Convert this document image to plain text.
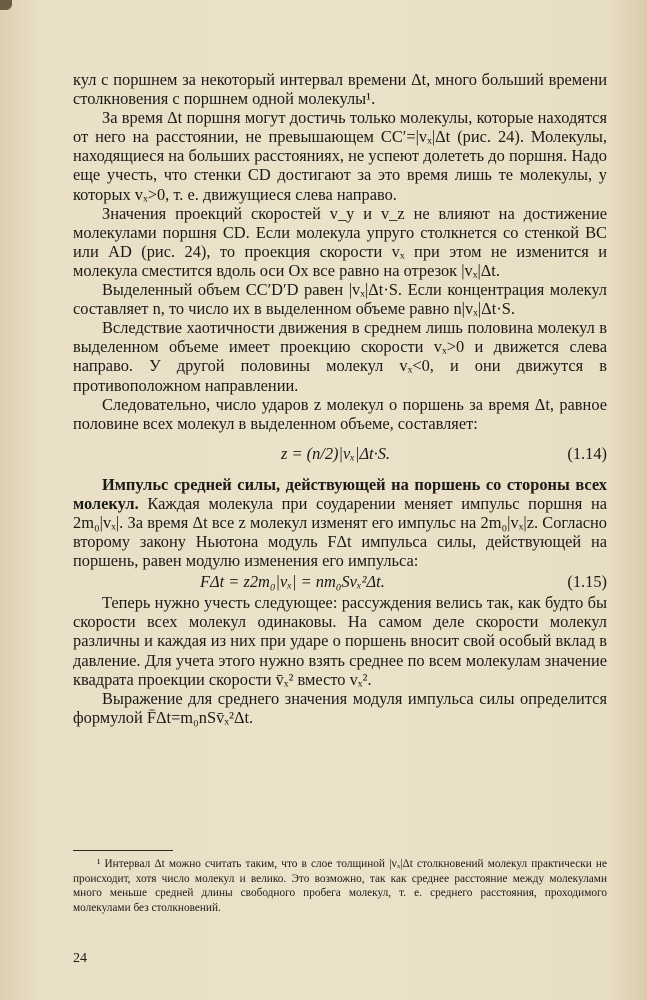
кул с поршнем за некоторый интервал времени Δt, много больший времени столкновения с поршнем одной молекулы¹.

За время Δt поршня могут достичь только молекулы, которые находятся от него на расстоянии, не превышающем CC′=|vₓ|Δt (рис. 24). Молекулы, находящиеся на больших расстояниях, не успеют долететь до поршня. Надо еще учесть, что стенки CD достигают за это время лишь те молекулы, у которых vₓ>0, т. е. движущиеся слева направо.

Значения проекций скоростей v_y и v_z не влияют на достижение молекулами поршня CD. Если молекула упруго столкнется со стенкой BC или AD (рис. 24), то проекция скорости vₓ при этом не изменится и молекула сместится вдоль оси Ox все равно на отрезок |vₓ|Δt.

Выделенный объем CC′D′D равен |vₓ|Δt·S. Если концентрация молекул составляет n, то число их в выделенном объеме равно n|vₓ|Δt·S.

Вследствие хаотичности движения в среднем лишь половина молекул в выделенном объеме имеет проекцию скорости vₓ>0 и движется слева направо. У другой половины молекул vₓ<0, и они движутся в противоположном направлении.

Следовательно, число ударов z молекул о поршень за время Δt, равное половине всех молекул в выделенном объеме, составляет:

z = (n/2)|vₓ|Δt·S.	(1.14)

Импульс средней силы, действующей на поршень со стороны всех молекул. Каждая молекула при соударении меняет импульс поршня на 2m₀|vₓ|. За время Δt все z молекул изменят его импульс на 2m₀|vₓ|z. Согласно второму закону Ньютона модуль FΔt импульса силы, действующей на поршень, равен модулю изменения его импульса:

FΔt = z2m₀|vₓ| = nm₀Svₓ²Δt.	(1.15)

Теперь нужно учесть следующее: рассуждения велись так, как будто бы скорости всех молекул одинаковы. На самом деле скорости молекул различны и каждая из них при ударе о поршень вносит свой особый вклад в давление. Для учета этого нужно взять среднее по всем молекулам значение квадрата проекции скорости v̄ₓ² вместо vₓ².

Выражение для среднего значения модуля импульса силы определится формулой F̄Δt=m₀nSv̄ₓ²Δt.

¹ Интервал Δt можно считать таким, что в слое толщиной |vₓ|Δt столкновений молекул практически не происходит, хотя число молекул и велико. Это возможно, так как среднее расстояние между молекулами много меньше средней длины свободного пробега молекул, т. е. среднего расстояния, проходимого молекулами без столкновений.

24
